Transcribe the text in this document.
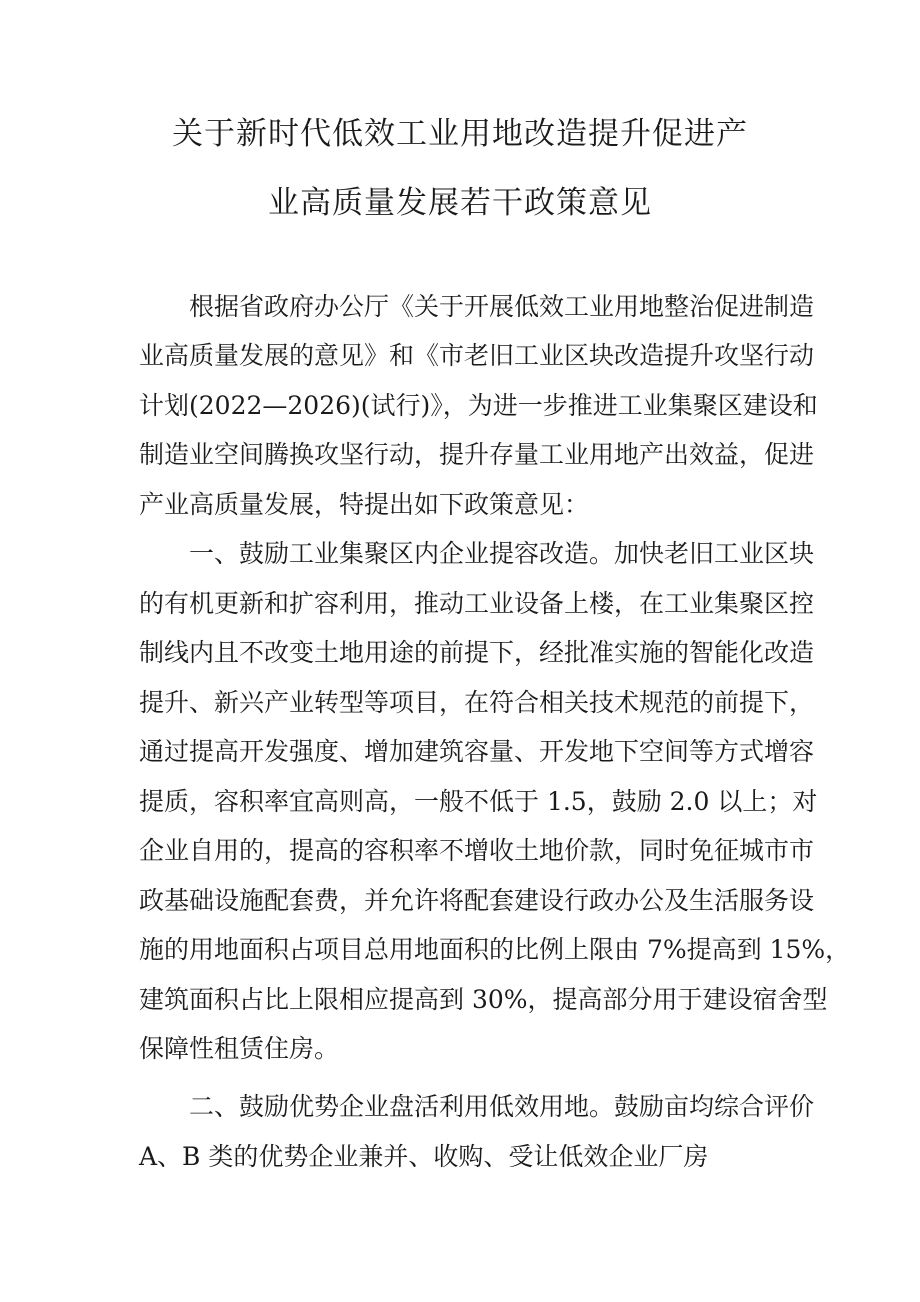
关于新时代低效工业用地改造提升促进产
业高质量发展若干政策意见
根据省政府办公厅《关于开展低效工业用地整治促进制造
业高质量发展的意见》和《市老旧工业区块改造提升攻坚行动
计划(2022—2026)(试行)》，为进一步推进工业集聚区建设和
制造业空间腾换攻坚行动，提升存量工业用地产出效益，促进
产业高质量发展，特提出如下政策意见：
一、鼓励工业集聚区内企业提容改造。加快老旧工业区块
的有机更新和扩容利用，推动工业设备上楼，在工业集聚区控
制线内且不改变土地用途的前提下，经批准实施的智能化改造
提升、新兴产业转型等项目，在符合相关技术规范的前提下，
通过提高开发强度、增加建筑容量、开发地下空间等方式增容
提质，容积率宜高则高，一般不低于 1.5，鼓励 2.0 以上；对
企业自用的，提高的容积率不增收土地价款，同时免征城市市
政基础设施配套费，并允许将配套建设行政办公及生活服务设
施的用地面积占项目总用地面积的比例上限由 7%提高到 15%，
建筑面积占比上限相应提高到 30%，提高部分用于建设宿舍型
保障性租赁住房。
二、鼓励优势企业盘活利用低效用地。鼓励亩均综合评价
A、B 类的优势企业兼并、收购、受让低效企业厂房
